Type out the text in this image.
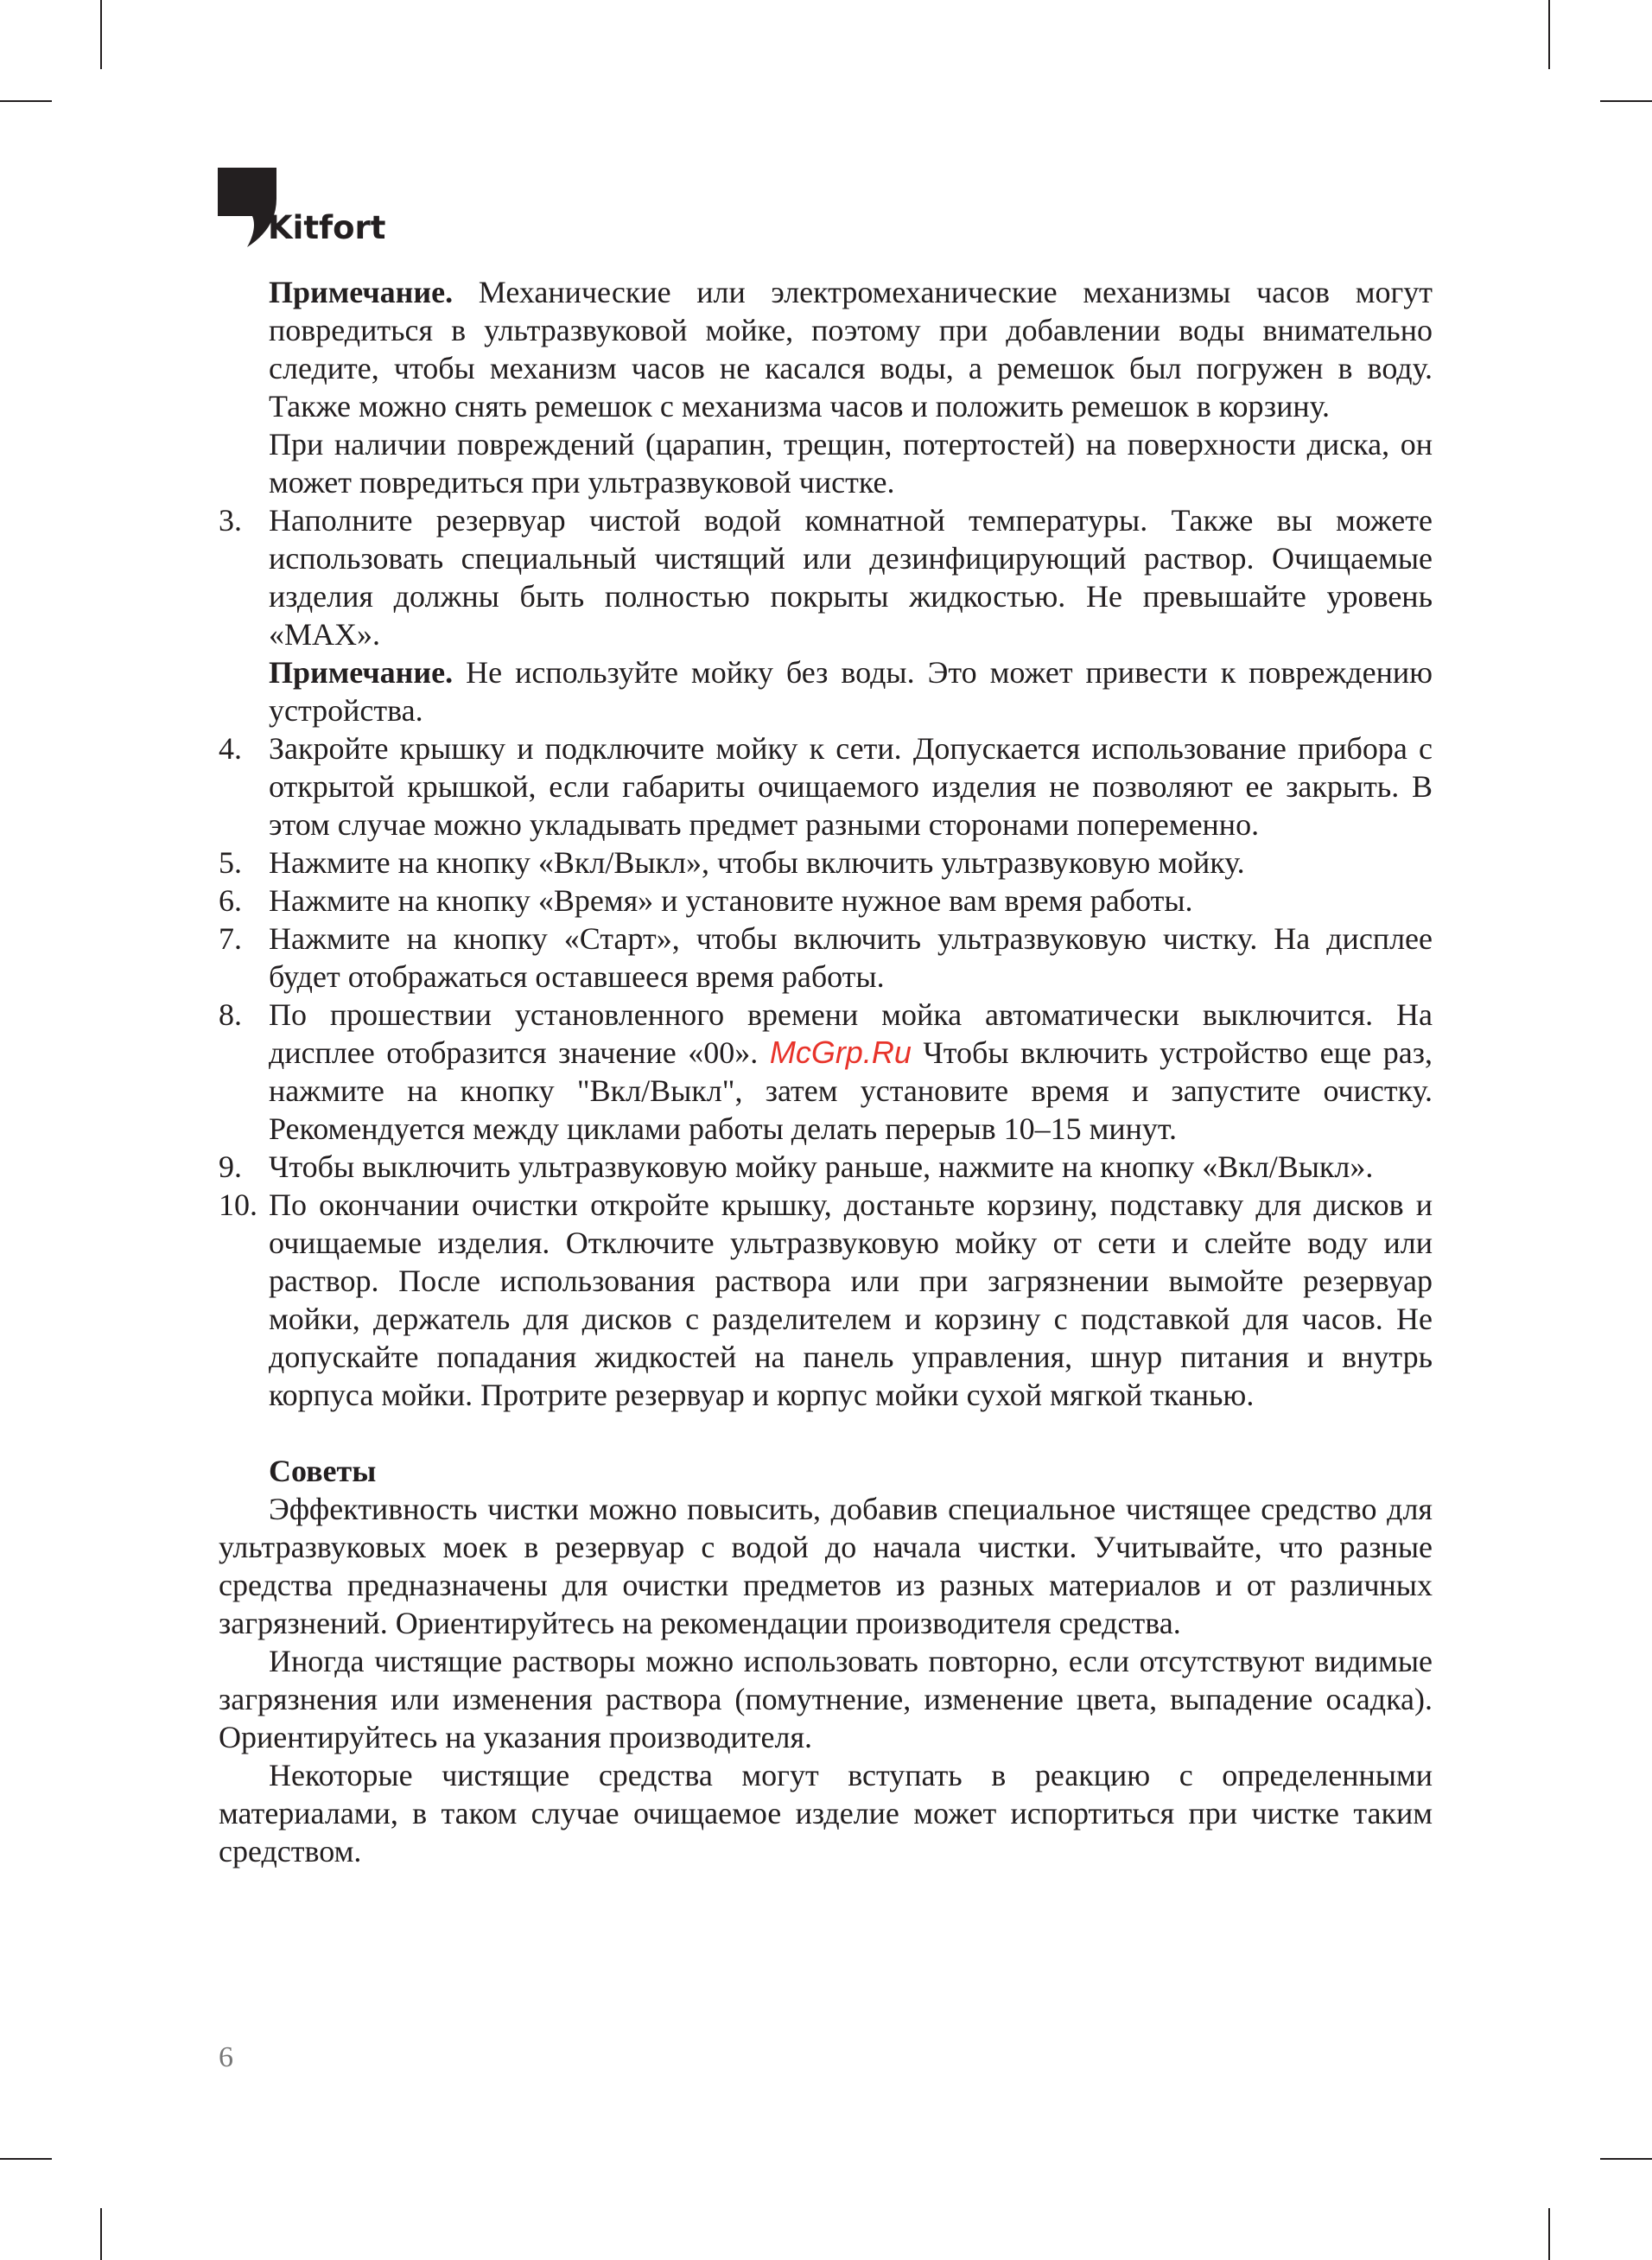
Kitfort

Примечание. Механические или электромеханические механизмы часов могут повредиться в ультразвуковой мойке, поэтому при добавлении воды внимательно следите, чтобы механизм часов не касался воды, а ремешок был погружен в воду. Также можно снять ремешок с механизма часов и положить ремешок в корзину.

При наличии повреждений (царапин, трещин, потертостей) на поверхности диска, он может повредиться при ультразвуковой чистке.

3. Наполните резервуар чистой водой комнатной температуры. Также вы можете использовать специальный чистящий или дезинфицирующий раствор. Очищаемые изделия должны быть полностью покрыты жидкостью. Не превышайте уровень «MAX».

Примечание. Не используйте мойку без воды. Это может привести к повреждению устройства.

4. Закройте крышку и подключите мойку к сети. Допускается использование прибора с открытой крышкой, если габариты очищаемого изделия не позволяют ее закрыть. В этом случае можно укладывать предмет разными сторонами попеременно.
5. Нажмите на кнопку «Вкл/Выкл», чтобы включить ультразвуковую мойку.
6. Нажмите на кнопку «Время» и установите нужное вам время работы.
7. Нажмите на кнопку «Старт», чтобы включить ультразвуковую чистку. На дисплее будет отображаться оставшееся время работы.
8. По прошествии установленного времени мойка автоматически выключится. На дисплее отобразится значение «00». McGrp.Ru Чтобы включить устройство еще раз, нажмите на кнопку "Вкл/Выкл", затем установите время и запустите очистку. Рекомендуется между циклами работы делать перерыв 10–15 минут.
9. Чтобы выключить ультразвуковую мойку раньше, нажмите на кнопку «Вкл/Выкл».
10. По окончании очистки откройте крышку, достаньте корзину, подставку для дисков и очищаемые изделия. Отключите ультразвуковую мойку от сети и слейте воду или раствор. После использования раствора или при загрязнении вымойте резервуар мойки, держатель для дисков с разделителем и корзину с подставкой для часов. Не допускайте попадания жидкостей на панель управления, шнур питания и внутрь корпуса мойки. Протрите резервуар и корпус мойки сухой мягкой тканью.

Советы

Эффективность чистки можно повысить, добавив специальное чистящее средство для ультразвуковых моек в резервуар с водой до начала чистки. Учитывайте, что разные средства предназначены для очистки предметов из разных материалов и от различных загрязнений. Ориентируйтесь на рекомендации производителя средства.

Иногда чистящие растворы можно использовать повторно, если отсутствуют видимые загрязнения или изменения раствора (помутнение, изменение цвета, выпадение осадка). Ориентируйтесь на указания производителя.

Некоторые чистящие средства могут вступать в реакцию с определенными материалами, в таком случае очищаемое изделие может испортиться при чистке таким средством.

6
